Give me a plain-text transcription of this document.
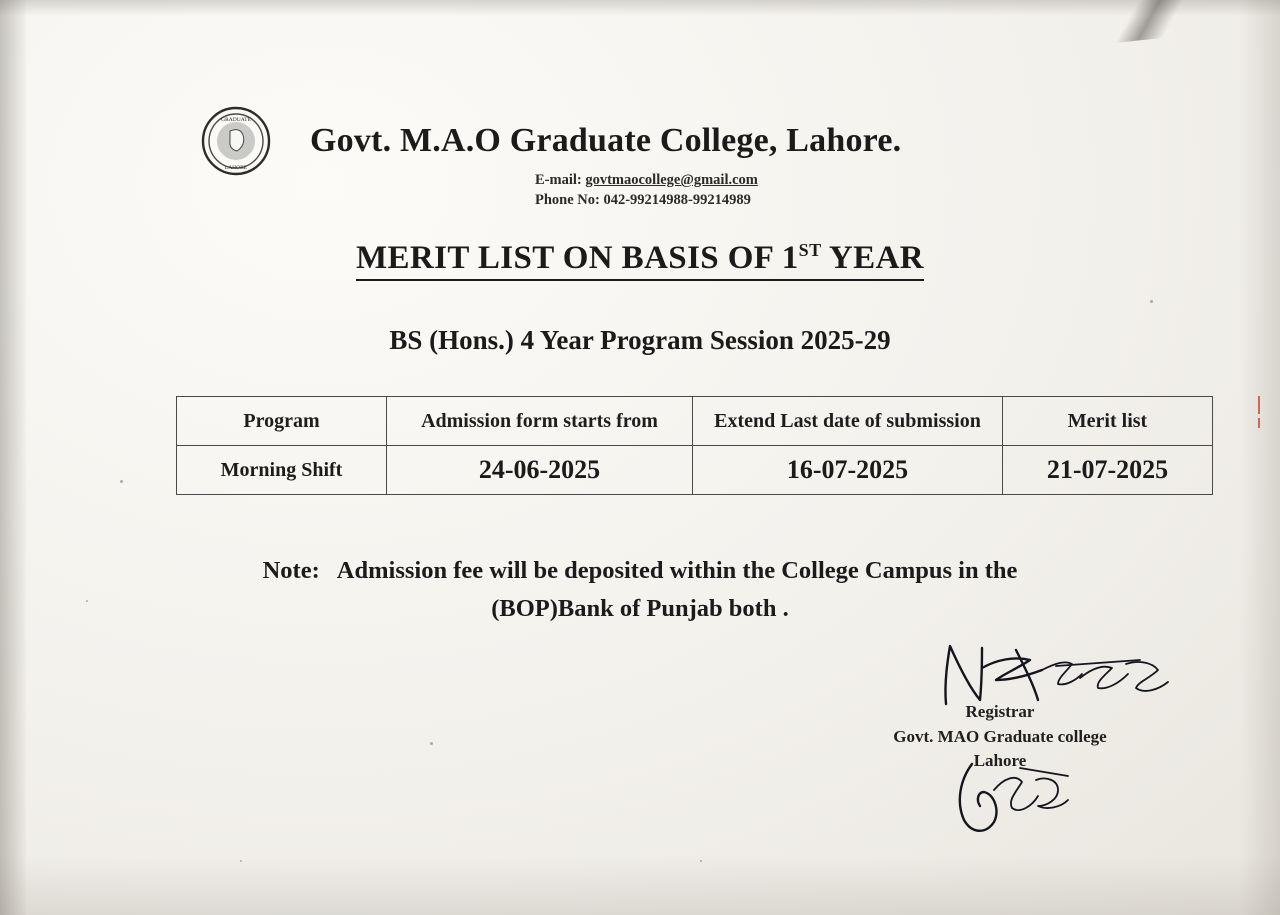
GRADUATE
LAHORE
Govt. M.A.O Graduate College, Lahore.
E-mail: govtmaocollege@gmail.com
Phone No: 042-99214988-99214989
MERIT LIST ON BASIS OF 1ST YEAR
BS (Hons.) 4 Year Program Session 2025-29
Program	Admission form starts from	Extend Last date of submission	Merit list
Morning Shift	24-06-2025	16-07-2025	21-07-2025
Note: Admission fee will be deposited within the College Campus in the
(BOP)Bank of Punjab both .
Registrar
Govt. MAO Graduate college
Lahore
